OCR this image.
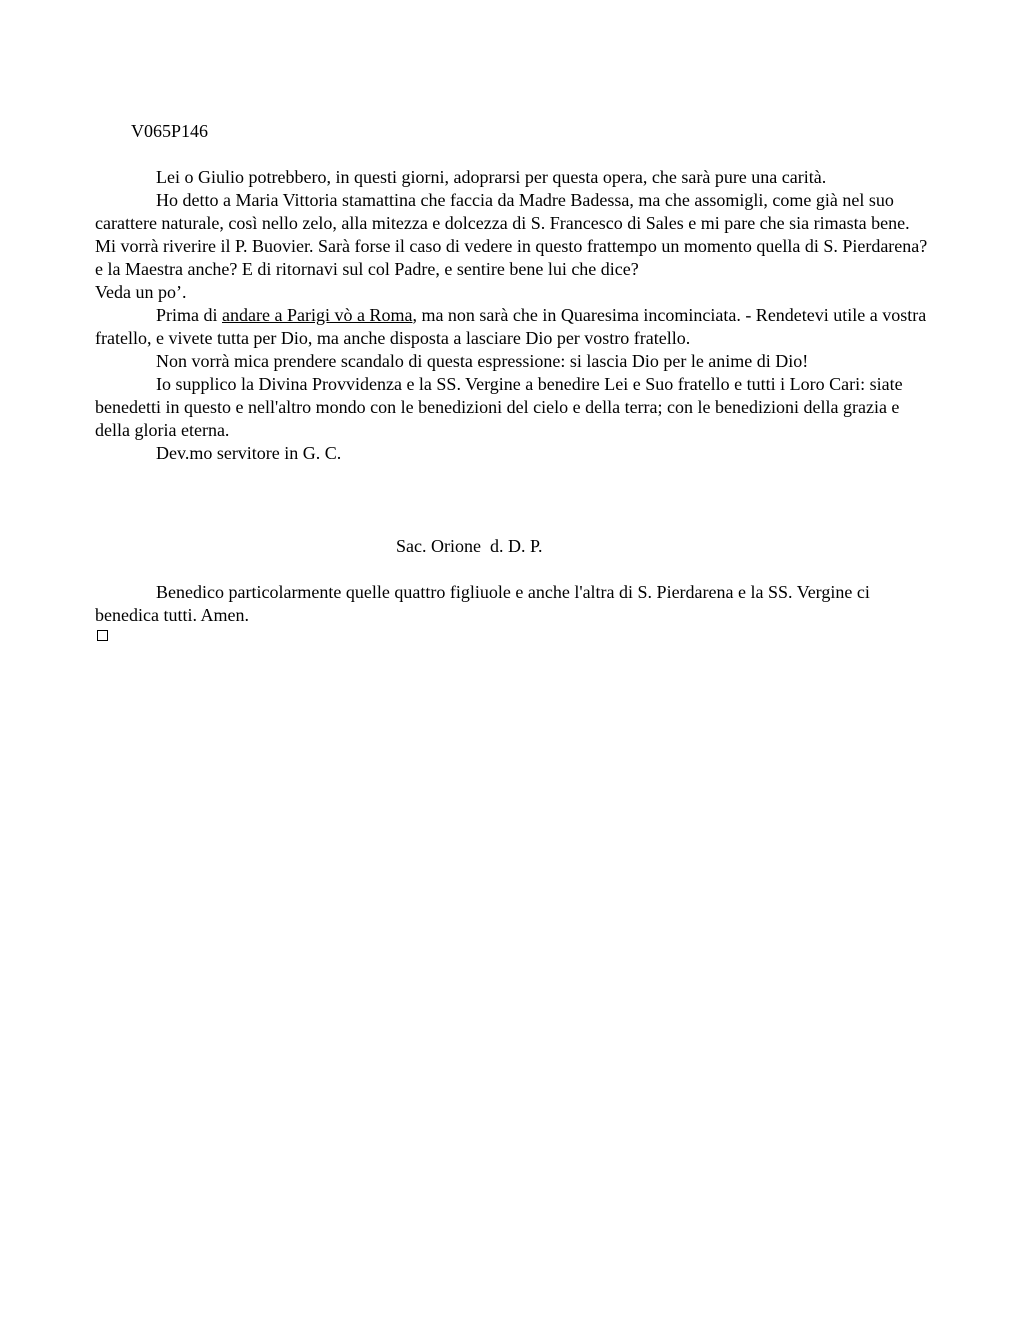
V065P146

Lei o Giulio potrebbero, in questi giorni, adoprarsi per questa opera, che sarà pure una carità.

Ho detto a Maria Vittoria stamattina che faccia da Madre Badessa, ma che assomigli, come già nel suo carattere naturale, così nello zelo, alla mitezza e dolcezza di S. Francesco di Sales e mi pare che sia rimasta bene.

Mi vorrà riverire il P. Buovier. Sarà forse il caso di vedere in questo frattempo un momento quella di S. Pierdarena? e la Maestra anche? E di ritornavi sul col Padre, e sentire bene lui che dice?

Veda un po’.

Prima di andare a Parigi vò a Roma, ma non sarà che in Quaresima incominciata. - Rendetevi utile a vostra fratello, e vivete tutta per Dio, ma anche disposta a lasciare Dio per vostro fratello.

Non vorrà mica prendere scandalo di questa espressione: si lascia Dio per le anime di Dio!

Io supplico la Divina Provvidenza e la SS. Vergine a benedire Lei e Suo fratello e tutti i Loro Cari: siate benedetti in questo e nell'altro mondo con le benedizioni del cielo e della terra; con le benedizioni della grazia e della gloria eterna.

Dev.mo servitore in G. C.

Sac. Orione  d. D. P.

Benedico particolarmente quelle quattro figliuole e anche l'altra di S. Pierdarena e la SS. Vergine ci benedica tutti. Amen.
